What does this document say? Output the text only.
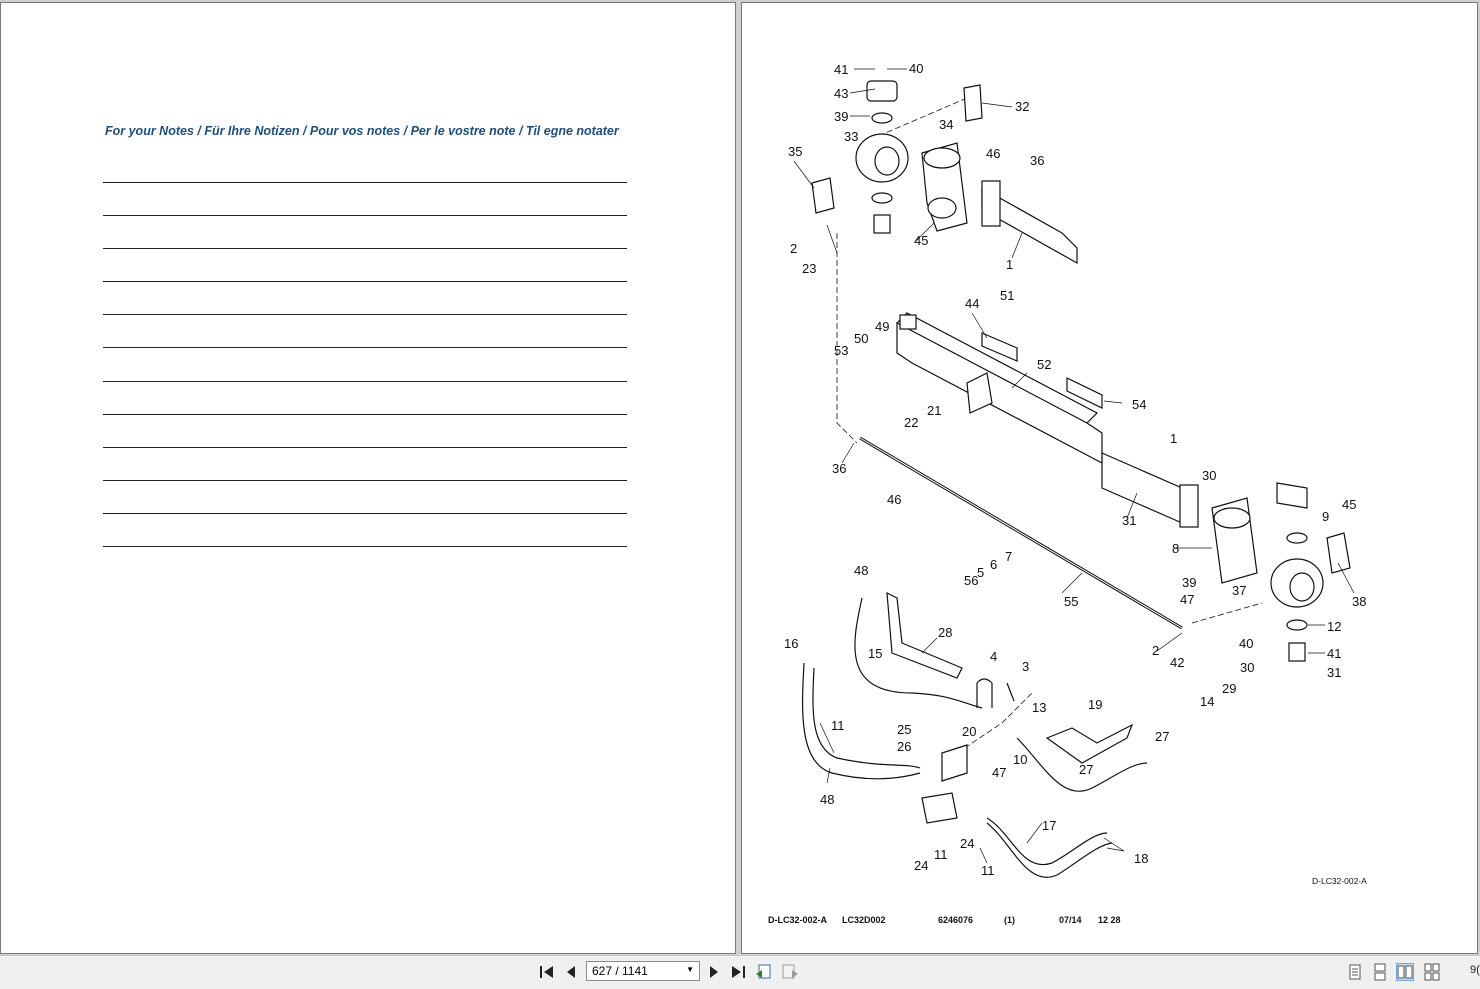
For your Notes / Für Ihre Notizen / Pour vos notes / Per le vostre note / Til egne notater
41	40
43
39
32
33
34
46 36
35
45
1
2
23
44
51
50
49
53
52
54
22
21
36
46
1
30
31
45
9
8
7
6
5
56
55
37
38
39
47
12
48
28
16
15	4
3
2
42
40
41
30	31
14
29
13	19
20
25
26
47
10
27
27
11
48
17
18
24
11
24	11
D-LC32-002-A
D-LC32-002-A LC32D002	6246076	(1)	07/14 12 28
627 / 1141	▼	9(
